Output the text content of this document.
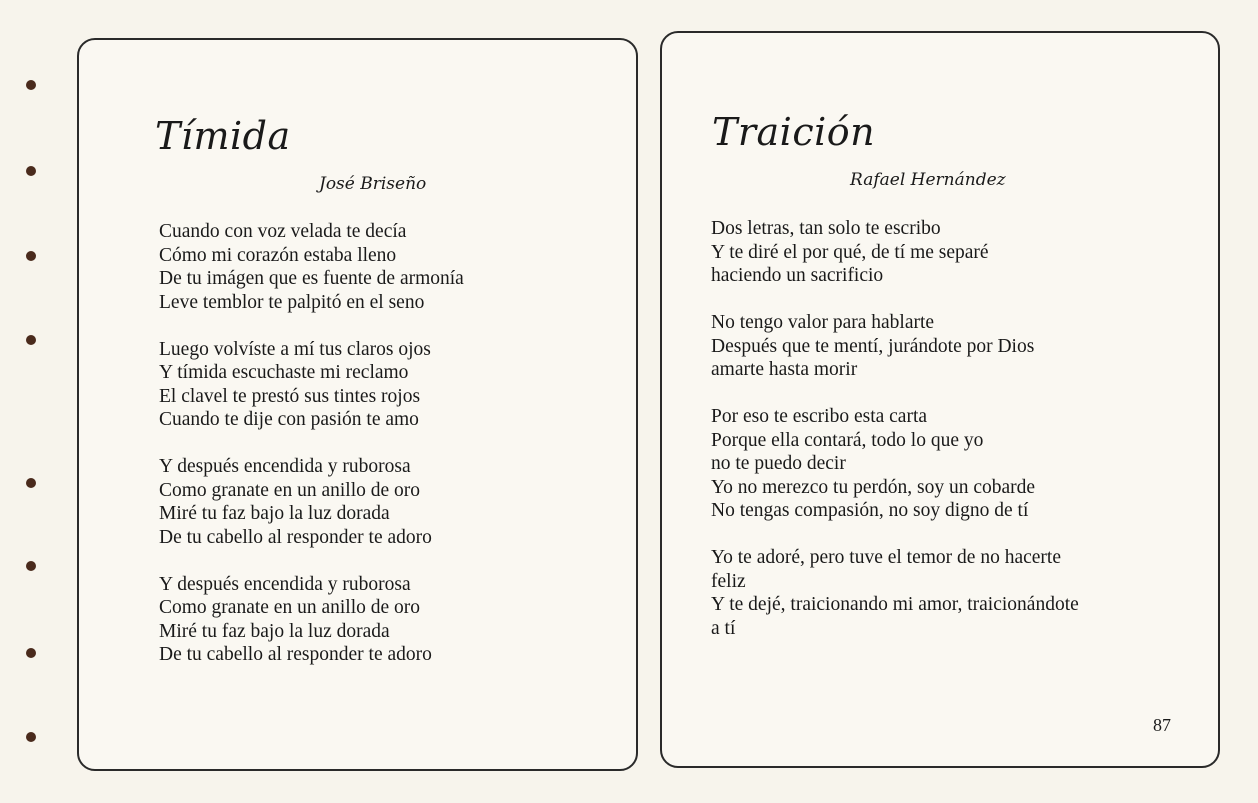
Tímida
José Briseño

Cuando con voz velada te decía
Cómo mi corazón estaba lleno
De tu imágen que es fuente de armonía
Leve temblor te palpitó en el seno

Luego volvíste a mí tus claros ojos
Y tímida escuchaste mi reclamo
El clavel te prestó sus tintes rojos
Cuando te dije con pasión te amo

Y después encendida y ruborosa
Como granate en un anillo de oro
Miré tu faz bajo la luz dorada
De tu cabello al responder te adoro

Y después encendida y ruborosa
Como granate en un anillo de oro
Miré tu faz bajo la luz dorada
De tu cabello al responder te adoro

Traición
Rafael Hernández

Dos letras, tan solo te escribo
Y te diré el por qué, de tí me separé
haciendo un sacrificio

No tengo valor para hablarte
Después que te mentí, jurándote por Dios
amarte hasta morir

Por eso te escribo esta carta
Porque ella contará, todo lo que yo
no te puedo decir
Yo no merezco tu perdón, soy un cobarde
No tengas compasión, no soy digno de tí

Yo te adoré, pero tuve el temor de no hacerte
feliz
Y te dejé, traicionando mi amor, traicionándote
a tí

87
